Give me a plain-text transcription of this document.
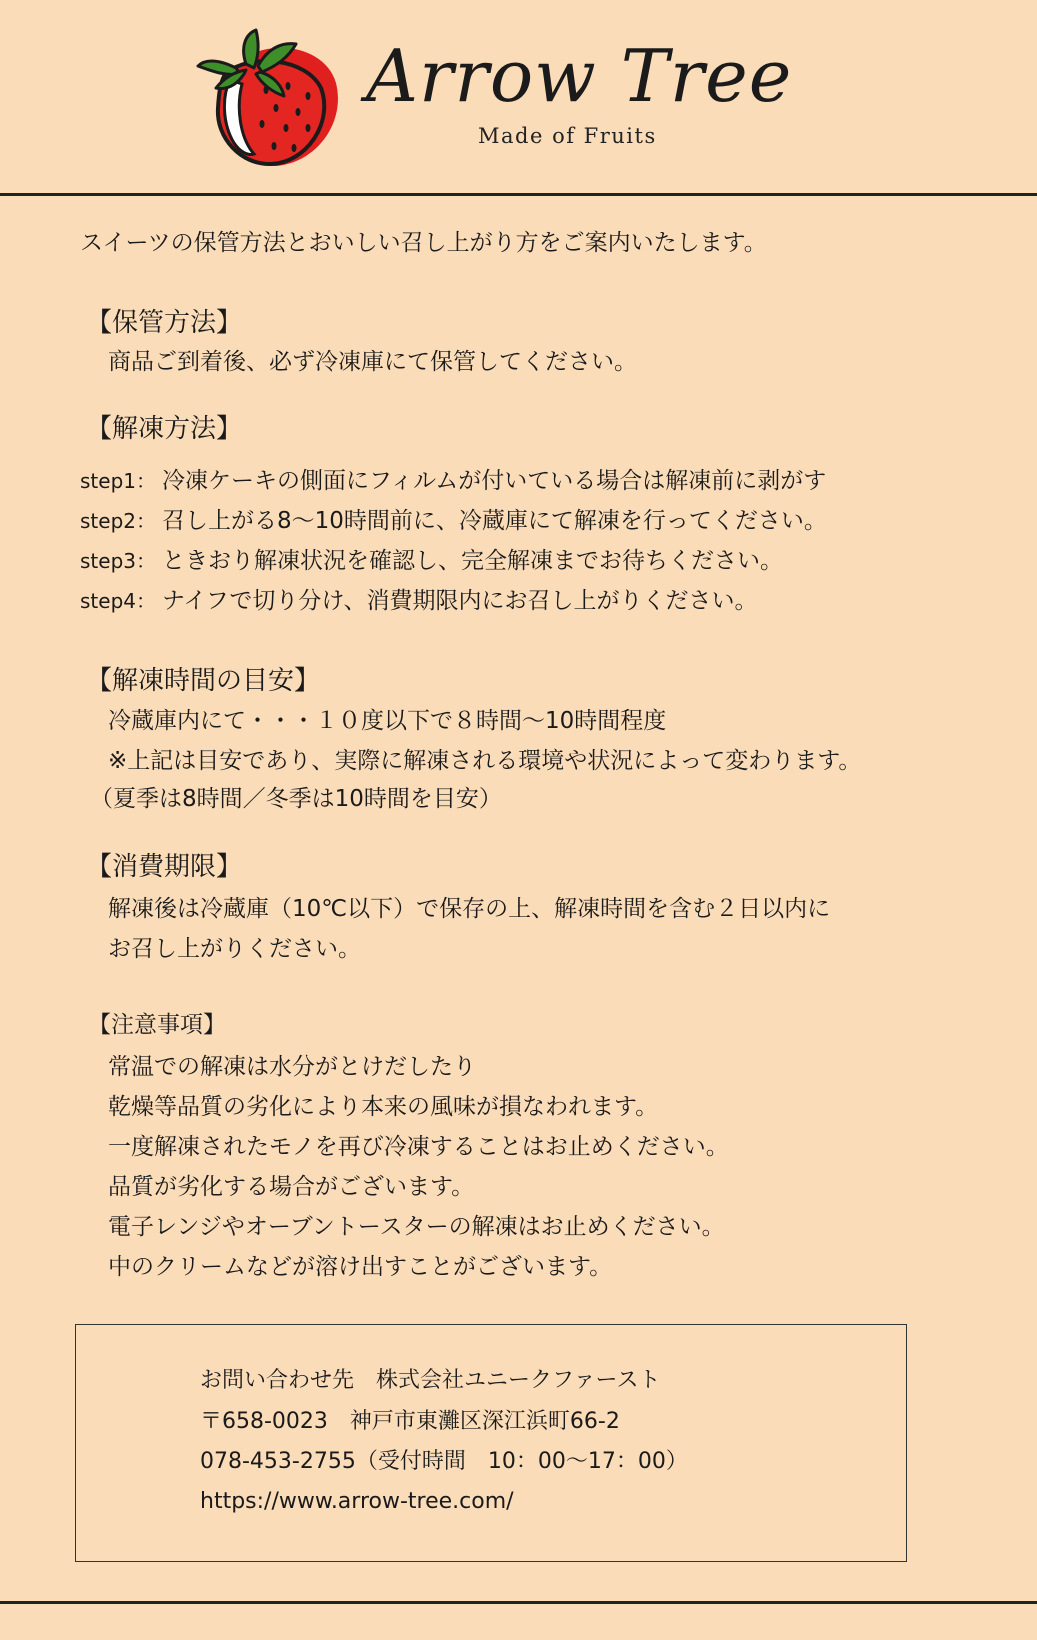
Arrow Tree
Made of Fruits
スイーツの保管方法とおいしい召し上がり方をご案内いたします。
【保管方法】
商品ご到着後、必ず冷凍庫にて保管してください。
【解凍方法】
step1： 冷凍ケーキの側面にフィルムが付いている場合は解凍前に剥がす
step2： 召し上がる8〜10時間前に、冷蔵庫にて解凍を行ってください。
step3： ときおり解凍状況を確認し、完全解凍までお待ちください。
step4： ナイフで切り分け、消費期限内にお召し上がりください。
【解凍時間の目安】
冷蔵庫内にて・・・１０度以下で８時間〜10時間程度
※上記は目安であり、実際に解凍される環境や状況によって変わります。
（夏季は8時間／冬季は10時間を目安）
【消費期限】
解凍後は冷蔵庫（10℃以下）で保存の上、解凍時間を含む２日以内に
お召し上がりください。
【注意事項】
常温での解凍は水分がとけだしたり
乾燥等品質の劣化により本来の風味が損なわれます。
一度解凍されたモノを再び冷凍することはお止めください。
品質が劣化する場合がございます。
電子レンジやオーブントースターの解凍はお止めください。
中のクリームなどが溶け出すことがございます。
お問い合わせ先　株式会社ユニークファースト
〒658-0023　神戸市東灘区深江浜町66-2
078-453-2755（受付時間　10：00〜17：00）
https://www.arrow-tree.com/
